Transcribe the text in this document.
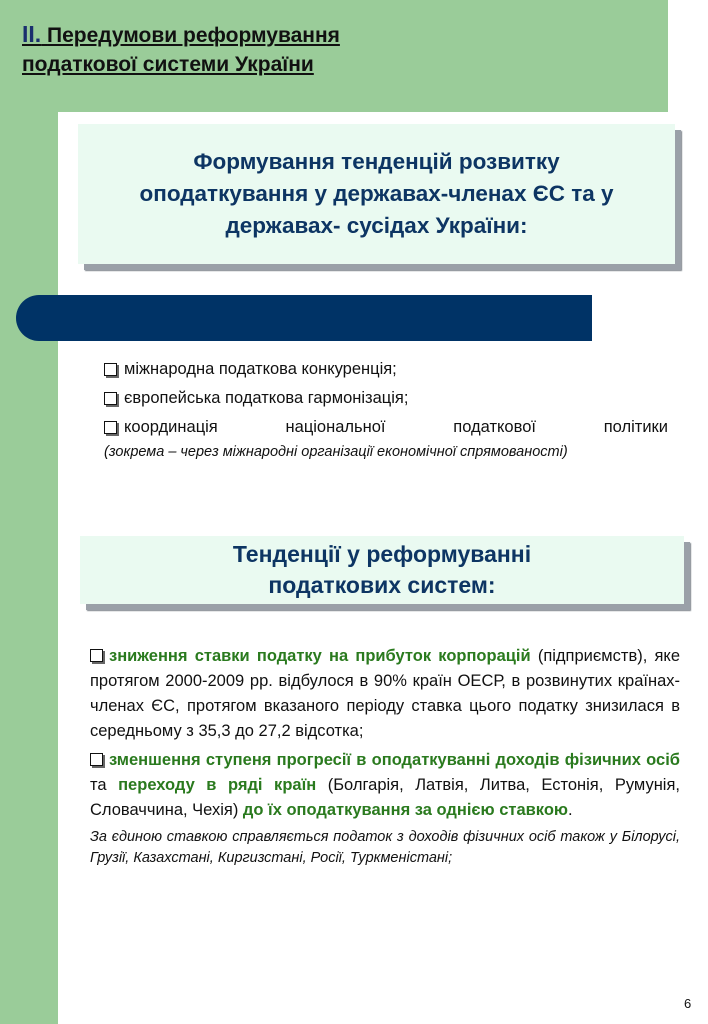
ІІ. Передумови реформування
податкової системи України
Формування тенденцій розвитку
оподаткування у державах-членах ЄС та у
державах- сусідах України:
міжнародна податкова конкуренція;
європейська податкова гармонізація;
координація національної податкової політики
(зокрема – через міжнародні організації економічної спрямованості)
Тенденції у реформуванні
податкових систем:
зниження ставки податку на прибуток корпорацій (підприємств), яке протягом 2000-2009 рр. відбулося в 90% країн ОЕСР, в розвинутих країнах-членах ЄС, протягом вказаного періоду ставка цього податку знизилася в середньому з 35,3 до 27,2 відсотка;
зменшення ступеня прогресії в оподаткуванні доходів фізичних осіб та переходу в ряді країн (Болгарія, Латвія, Литва, Естонія, Румунія, Словаччина, Чехія) до їх оподаткування за однією ставкою.
За єдиною ставкою справляється податок з доходів фізичних осіб також у Білорусі, Грузії, Казахстані, Киргизстані, Росії, Туркменістані;
6
